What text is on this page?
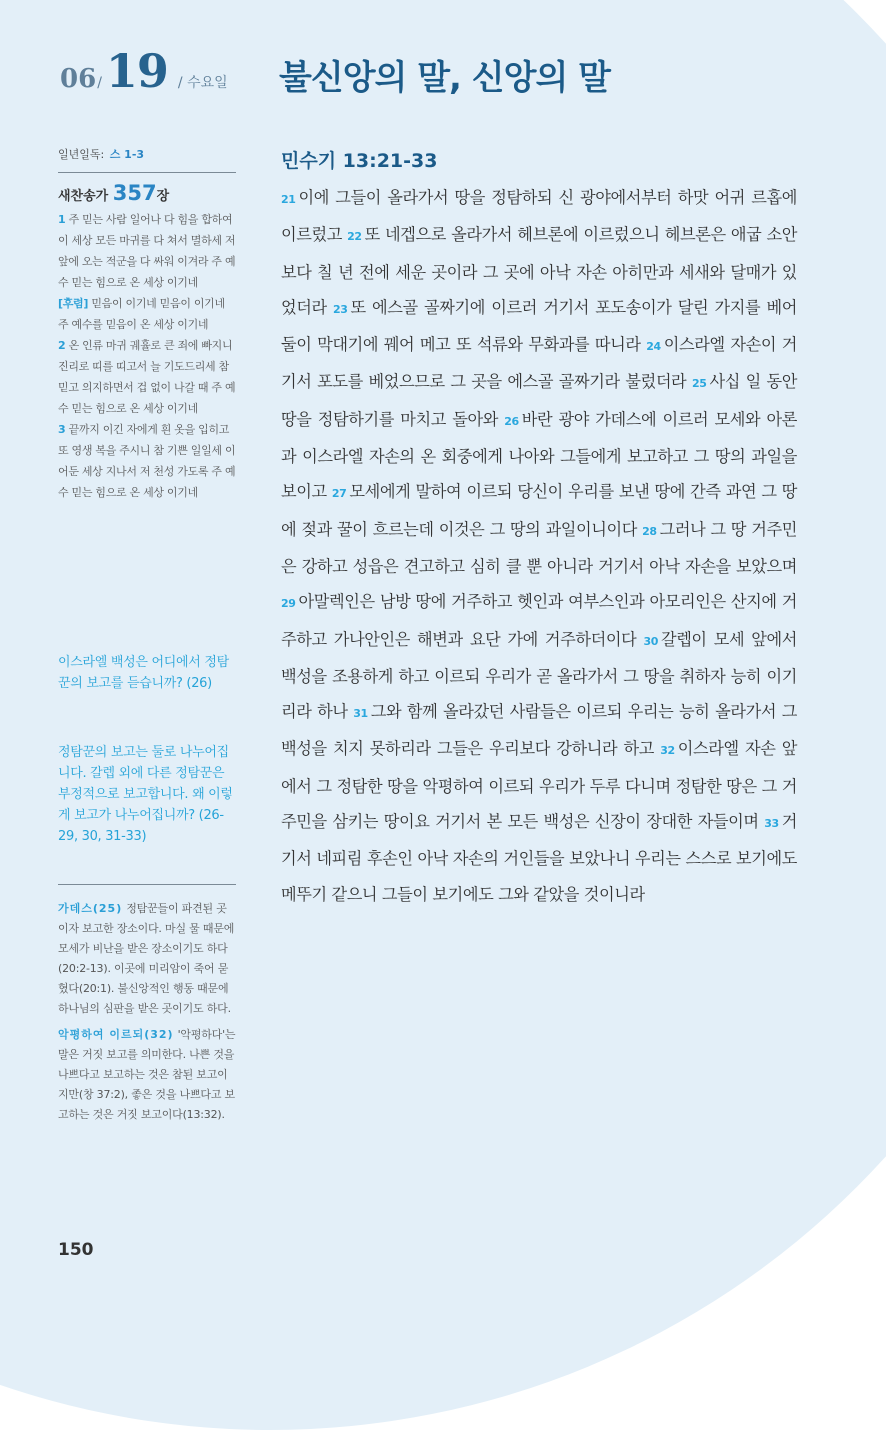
06 / 19 / 수요일 불신앙의 말, 신앙의 말
일년일독: 스 1-3
새찬송가 357장

1 주 믿는 사람 일어나 다 힘을 합하여 이 세상 모든 마귀를 다 쳐서 멸하세 저 앞에 오는 적군을 다 싸워 이겨라 주 예수 믿는 힘으로 온 세상 이기네

[후렴] 믿음이 이기네 믿음이 이기네 주 예수를 믿음이 온 세상 이기네

2 온 인류 마귀 궤휼로 큰 죄에 빠지니 진리로 띠를 띠고서 늘 기도드리세 참 믿고 의지하면서 겁 없이 나갈 때 주 예수 믿는 힘으로 온 세상 이기네

3 끝까지 이긴 자에게 흰 옷을 입히고 또 영생 복을 주시니 참 기쁜 일일세 이 어둔 세상 지나서 저 천성 가도록 주 예수 믿는 힘으로 온 세상 이기네

이스라엘 백성은 어디에서 정탐꾼의 보고를 듣습니까? (26)

정탐꾼의 보고는 둘로 나누어집니다. 갈렙 외에 다른 정탐꾼은 부정적으로 보고합니다. 왜 이렇게 보고가 나누어집니까? (26-29, 30, 31-33)

가데스(25) 정탐꾼들이 파견된 곳이자 보고한 장소이다. 마실 물 때문에 모세가 비난을 받은 장소이기도 하다(20:2-13). 이곳에 미리암이 죽어 묻혔다(20:1). 불신앙적인 행동 때문에 하나님의 심판을 받은 곳이기도 하다.

악평하여 이르되(32) '악평하다'는 말은 거짓 보고를 의미한다. 나쁜 것을 나쁘다고 보고하는 것은 참된 보고이지만(창 37:2), 좋은 것을 나쁘다고 보고하는 것은 거짓 보고이다(13:32).

150
민수기 13:21-33

21 이에 그들이 올라가서 땅을 정탐하되 신 광야에서부터 하맛 어귀 르홉에 이르렀고 22 또 네겝으로 올라가서 헤브론에 이르렀으니 헤브론은 애굽 소안보다 칠 년 전에 세운 곳이라 그 곳에 아낙 자손 아히만과 세새와 달매가 있었더라 23 또 에스골 골짜기에 이르러 거기서 포도송이가 달린 가지를 베어 둘이 막대기에 꿰어 메고 또 석류와 무화과를 따니라 24 이스라엘 자손이 거기서 포도를 베었으므로 그 곳을 에스골 골짜기라 불렀더라 25 사십 일 동안 땅을 정탐하기를 마치고 돌아와 26 바란 광야 가데스에 이르러 모세와 아론과 이스라엘 자손의 온 회중에게 나아와 그들에게 보고하고 그 땅의 과일을 보이고 27 모세에게 말하여 이르되 당신이 우리를 보낸 땅에 간즉 과연 그 땅에 젖과 꿀이 흐르는데 이것은 그 땅의 과일이니이다 28 그러나 그 땅 거주민은 강하고 성읍은 견고하고 심히 클 뿐 아니라 거기서 아낙 자손을 보았으며 29 아말렉인은 남방 땅에 거주하고 헷인과 여부스인과 아모리인은 산지에 거주하고 가나안인은 해변과 요단 가에 거주하더이다 30 갈렙이 모세 앞에서 백성을 조용하게 하고 이르되 우리가 곧 올라가서 그 땅을 취하자 능히 이기리라 하나 31 그와 함께 올라갔던 사람들은 이르되 우리는 능히 올라가서 그 백성을 치지 못하리라 그들은 우리보다 강하니라 하고 32 이스라엘 자손 앞에서 그 정탐한 땅을 악평하여 이르되 우리가 두루 다니며 정탐한 땅은 그 거주민을 삼키는 땅이요 거기서 본 모든 백성은 신장이 장대한 자들이며 33 거기서 네피림 후손인 아낙 자손의 거인들을 보았나니 우리는 스스로 보기에도 메뚜기 같으니 그들이 보기에도 그와 같았을 것이니라
